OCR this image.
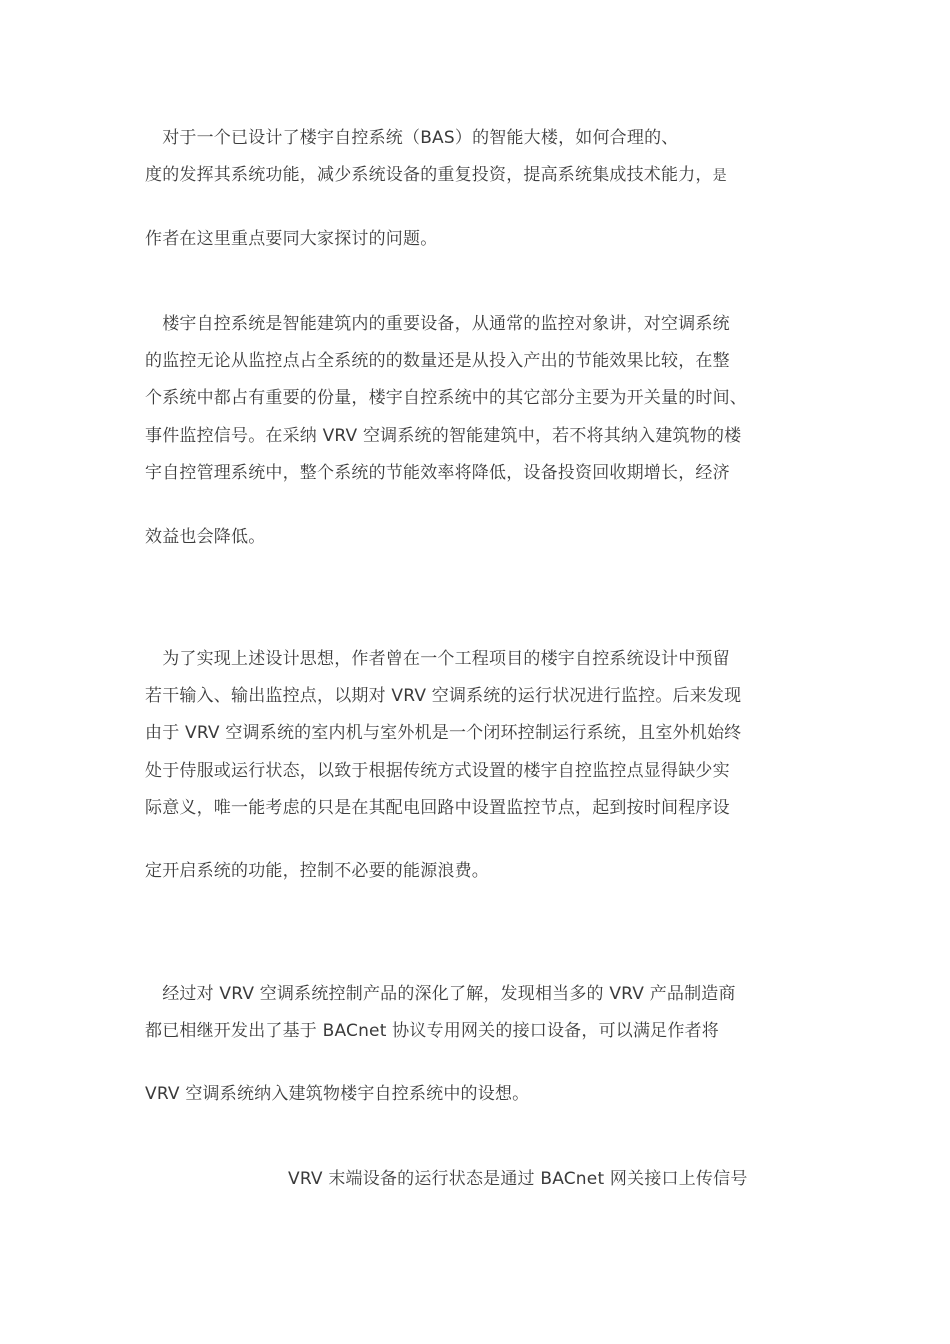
　对于一个已设计了楼宇自控系统（BAS）的智能大楼，如何合理的、
度的发挥其系统功能，减少系统设备的重复投资，提高系统集成技术能力，是
作者在这里重点要同大家探讨的问题。
　楼宇自控系统是智能建筑内的重要设备，从通常的监控对象讲，对空调系统
的监控无论从监控点占全系统的的数量还是从投入产出的节能效果比较，在整
个系统中都占有重要的份量，楼宇自控系统中的其它部分主要为开关量的时间、
事件监控信号。在采纳 VRV 空调系统的智能建筑中，若不将其纳入建筑物的楼
宇自控管理系统中，整个系统的节能效率将降低，设备投资回收期增长，经济
效益也会降低。
　为了实现上述设计思想，作者曾在一个工程项目的楼宇自控系统设计中预留
若干输入、输出监控点，以期对 VRV 空调系统的运行状况进行监控。后来发现
由于 VRV 空调系统的室内机与室外机是一个闭环控制运行系统，且室外机始终
处于侍服或运行状态，以致于根据传统方式设置的楼宇自控监控点显得缺少实
际意义，唯一能考虑的只是在其配电回路中设置监控节点，起到按时间程序设
定开启系统的功能，控制不必要的能源浪费。
　经过对 VRV 空调系统控制产品的深化了解，发现相当多的 VRV 产品制造商
都已相继开发出了基于 BACnet 协议专用网关的接口设备，可以满足作者将
VRV 空调系统纳入建筑物楼宇自控系统中的设想。
VRV 末端设备的运行状态是通过 BACnet 网关接口上传信号
